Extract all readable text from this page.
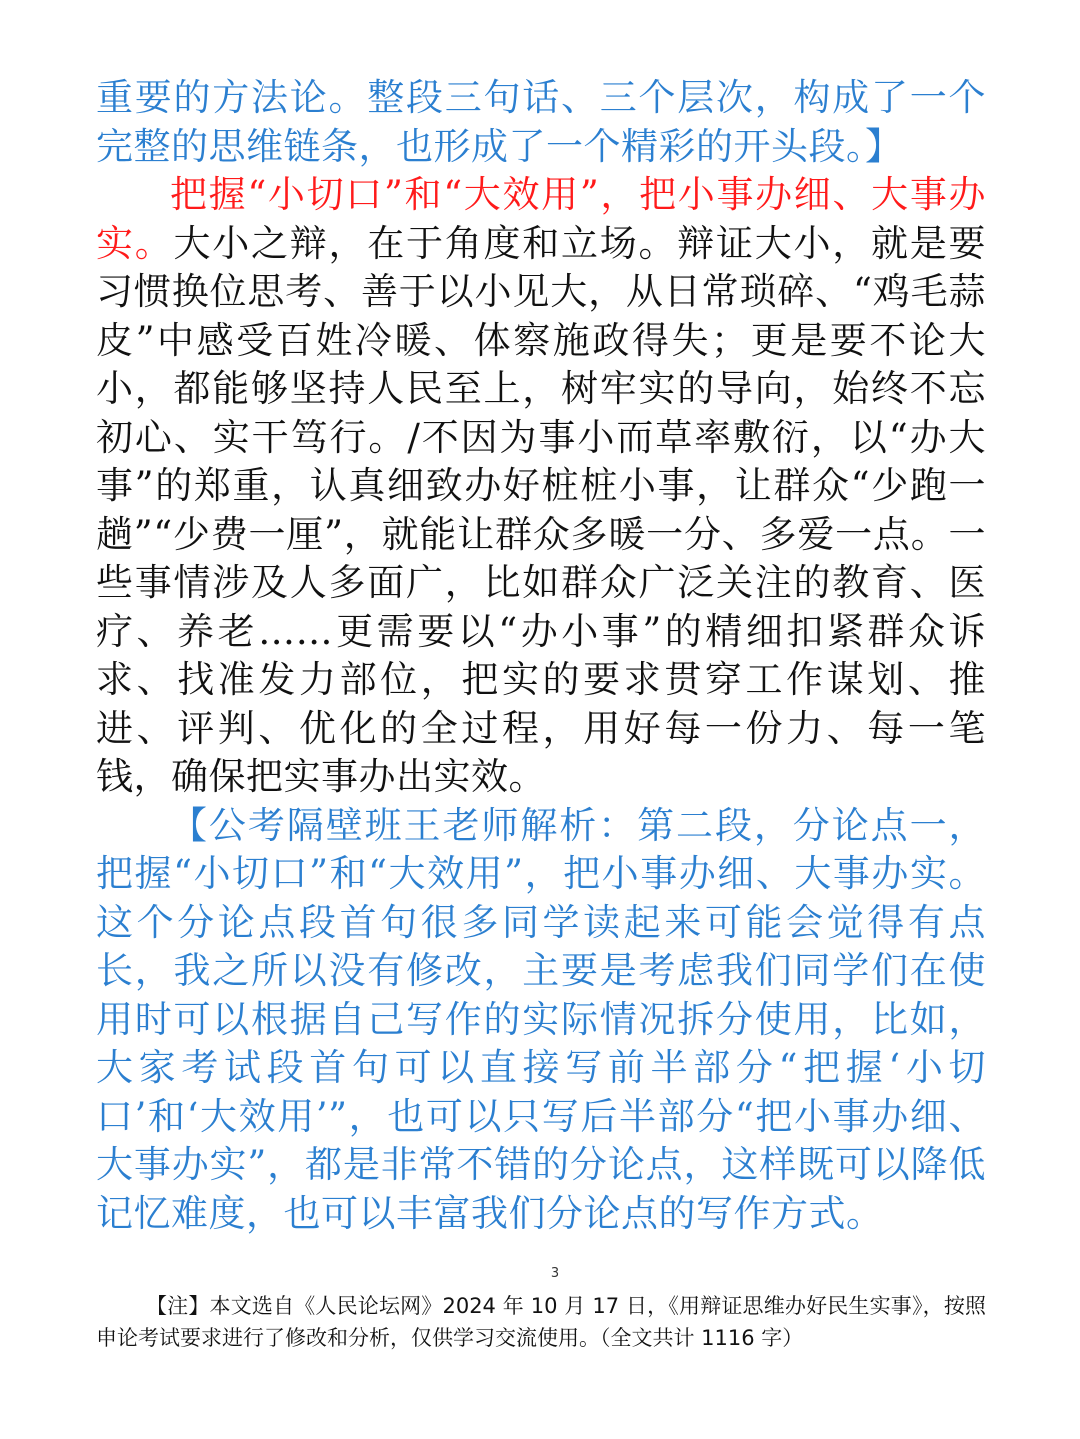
重要的方法论。整段三句话、三个层次，构成了一个完整的思维链条，也形成了一个精彩的开头段。】

把握“小切口”和“大效用”，把小事办细、大事办实。大小之辩，在于角度和立场。辩证大小，就是要习惯换位思考、善于以小见大，从日常琐碎、“鸡毛蒜皮”中感受百姓冷暖、体察施政得失；更是要不论大小，都能够坚持人民至上，树牢实的导向，始终不忘初心、实干笃行。/不因为事小而草率敷衍，以“办大事”的郑重，认真细致办好桩桩小事，让群众“少跑一趟”“少费一厘”，就能让群众多暖一分、多爱一点。一些事情涉及人多面广，比如群众广泛关注的教育、医疗、养老……更需要以“办小事”的精细扣紧群众诉求、找准发力部位，把实的要求贯穿工作谋划、推进、评判、优化的全过程，用好每一份力、每一笔钱，确保把实事办出实效。

【公考隔壁班王老师解析：第二段，分论点一，把握“小切口”和“大效用”，把小事办细、大事办实。这个分论点段首句很多同学读起来可能会觉得有点长，我之所以没有修改，主要是考虑我们同学们在使用时可以根据自己写作的实际情况拆分使用，比如，大家考试段首句可以直接写前半部分“把握‘小切口’和‘大效用’”，也可以只写后半部分“把小事办细、大事办实”，都是非常不错的分论点，这样既可以降低记忆难度，也可以丰富我们分论点的写作方式。

3
【注】本文选自《人民论坛网》2024 年 10 月 17 日，《用辩证思维办好民生实事》，按照申论考试要求进行了修改和分析，仅供学习交流使用。（全文共计 1116 字）
